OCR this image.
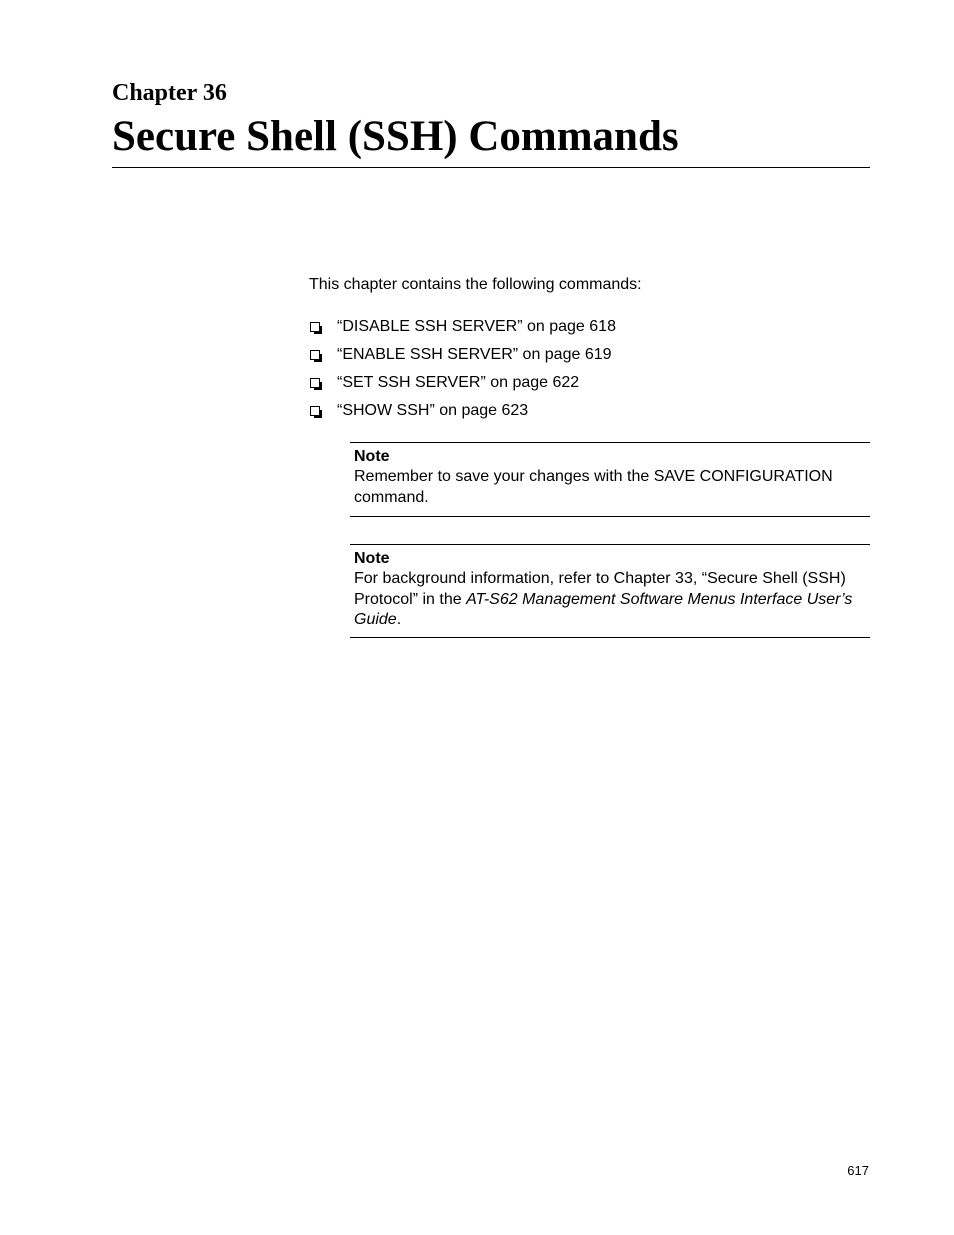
Chapter 36
Secure Shell (SSH) Commands

This chapter contains the following commands:

“DISABLE SSH SERVER” on page 618
“ENABLE SSH SERVER” on page 619
“SET SSH SERVER” on page 622
“SHOW SSH” on page 623

Note

Remember to save your changes with the SAVE CONFIGURATION command.

Note

For background information, refer to Chapter 33, “Secure Shell (SSH) Protocol” in the AT-S62 Management Software Menus Interface User’s Guide.

617
